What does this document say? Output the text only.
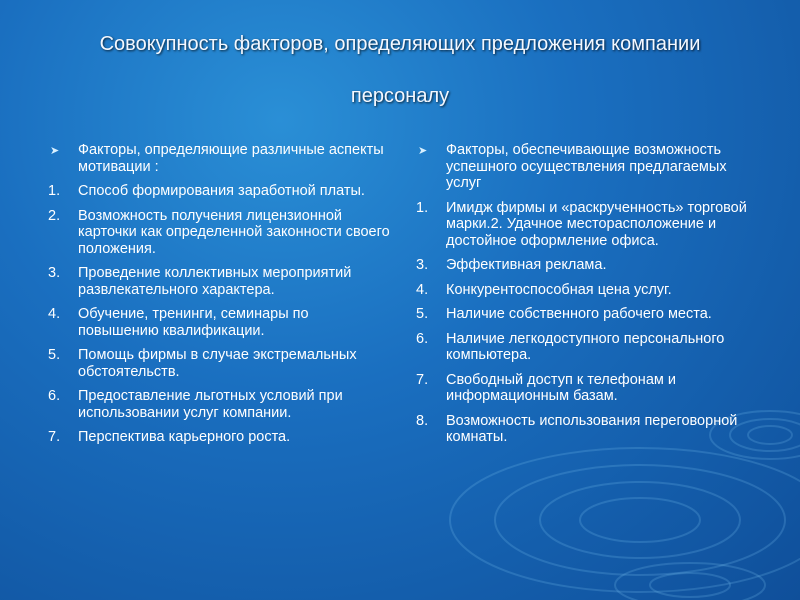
Совокупность факторов, определяющих предложения компании
персоналу
➤ Факторы, определяющие различные аспекты мотивации :
1. Способ формирования заработной платы.
2. Возможность получения лицензионной карточки как определенной законности своего положения.
3. Проведение коллективных мероприятий развлекательного характера.
4. Обучение, тренинги, семинары по повышению квалификации.
5. Помощь фирмы в случае экстремальных обстоятельств.
6. Предоставление льготных условий при использовании услуг компании.
7. Перспектива карьерного роста.
➤ Факторы, обеспечивающие возможность успешного осуществления предлагаемых услуг
1. Имидж фирмы и «раскрученность» торговой марки.2. Удачное месторасположение и достойное оформление офиса.
3. Эффективная реклама.
4. Конкурентоспособная цена услуг.
5. Наличие собственного рабочего места.
6. Наличие легкодоступного персонального компьютера.
7. Свободный доступ к телефонам и информационным базам.
8. Возможность использования переговорной комнаты.
